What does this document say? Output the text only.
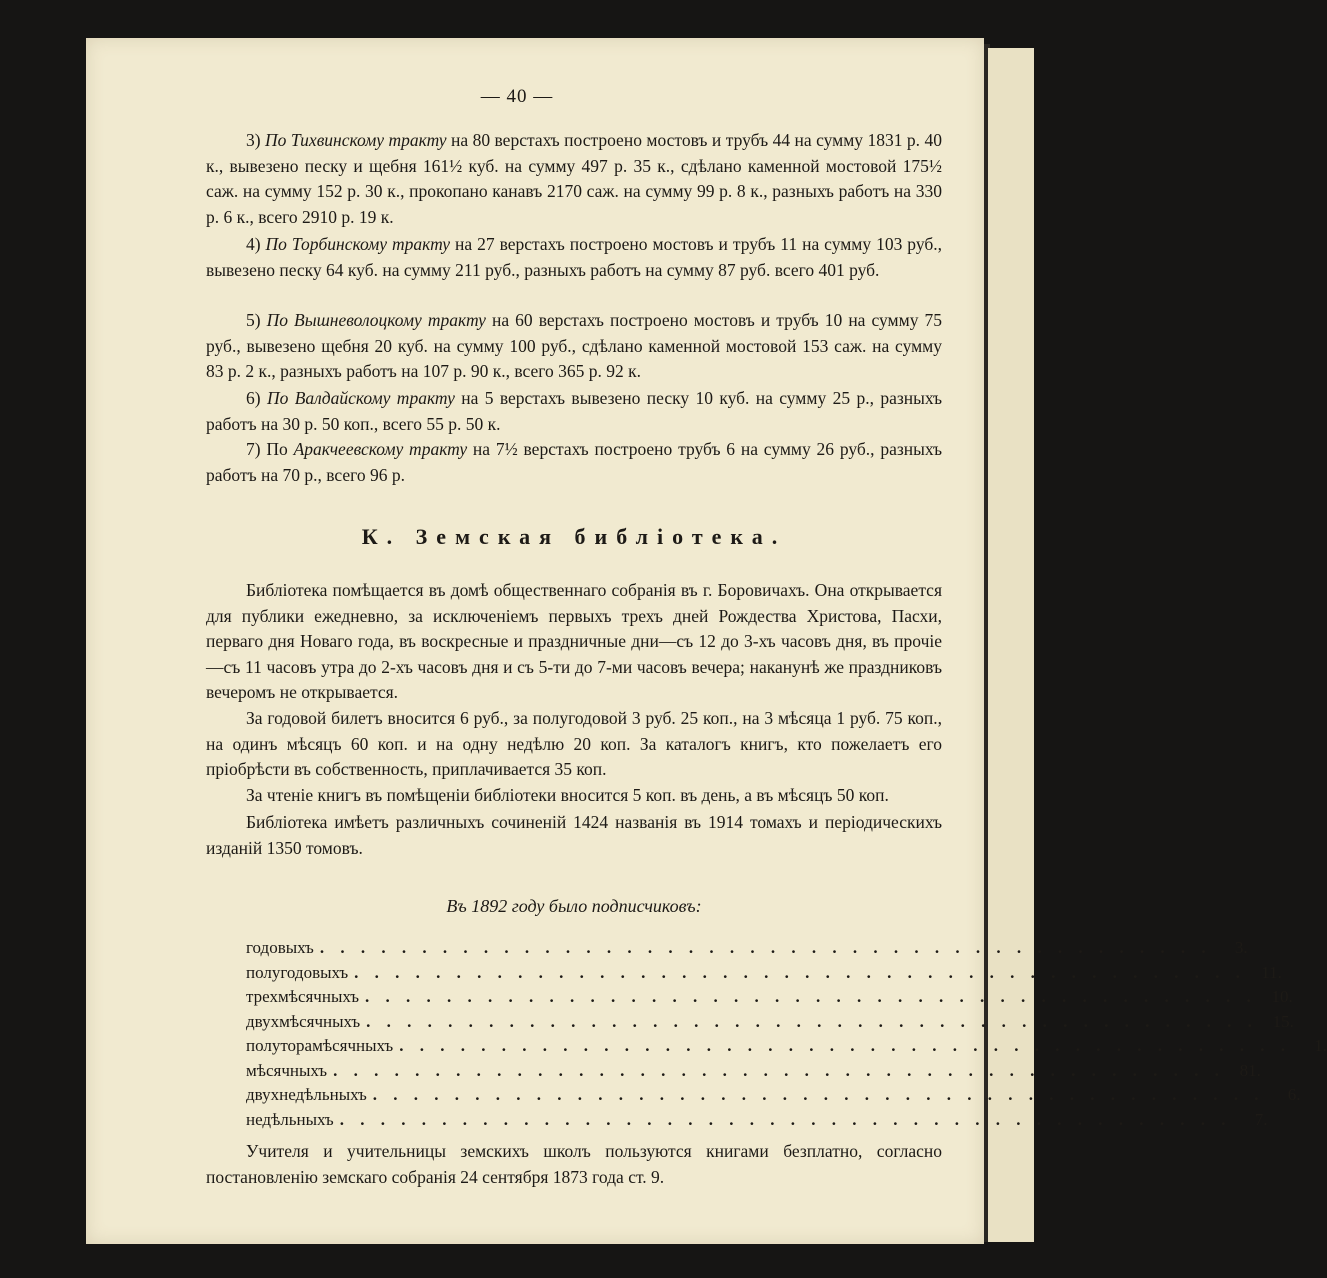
— 40 —
3) По Тихвинскому тракту на 80 верстахъ построено мостовъ и трубъ 44 на сумму 1831 р. 40 к., вывезено песку и щебня 161½ куб. на сумму 497 р. 35 к., сдѣлано каменной мостовой 175½ саж. на сумму 152 р. 30 к., прокопано канавъ 2170 саж. на сумму 99 р. 8 к., разныхъ работъ на 330 р. 6 к., всего 2910 р. 19 к.
4) По Торбинскому тракту на 27 верстахъ построено мостовъ и трубъ 11 на сумму 103 руб., вывезено песку 64 куб. на сумму 211 руб., разныхъ работъ на сумму 87 руб. всего 401 руб.
5) По Вышневолоцкому тракту на 60 верстахъ построено мостовъ и трубъ 10 на сумму 75 руб., вывезено щебня 20 куб. на сумму 100 руб., сдѣлано каменной мостовой 153 саж. на сумму 83 р. 2 к., разныхъ работъ на 107 р. 90 к., всего 365 р. 92 к.
6) По Валдайскому тракту на 5 верстахъ вывезено песку 10 куб. на сумму 25 р., разныхъ работъ на 30 р. 50 коп., всего 55 р. 50 к.
7) По Аракчеевскому тракту на 7½ верстахъ построено трубъ 6 на сумму 26 руб., разныхъ работъ на 70 р., всего 96 р.
К. Земская библіотека.
Библіотека помѣщается въ домѣ общественнаго собранія въ г. Боровичахъ. Она открывается для публики ежедневно, за исключеніемъ первыхъ трехъ дней Рождества Христова, Пасхи, перваго дня Новаго года, въ воскресные и праздничные дни—съ 12 до 3-хъ часовъ дня, въ прочіе—съ 11 часовъ утра до 2-хъ часовъ дня и съ 5-ти до 7-ми часовъ вечера; наканунѣ же праздниковъ вечеромъ не открывается.
За годовой билетъ вносится 6 руб., за полугодовой 3 руб. 25 коп., на 3 мѣсяца 1 руб. 75 коп., на одинъ мѣсяцъ 60 коп. и на одну недѣлю 20 коп. За каталогъ книгъ, кто пожелаетъ его пріобрѣсти въ собственность, приплачивается 35 коп.
За чтеніе книгъ въ помѣщеніи библіотеки вносится 5 коп. въ день, а въ мѣсяцъ 50 коп.
Библіотека имѣетъ различныхъ сочиненій 1424 названія въ 1914 томахъ и періодическихъ изданій 1350 томовъ.
Въ 1892 году было подписчиковъ:
годовыхъ . . . . . . . . . . . . . . . . . . . . . . . . . . . . . . . . . . . . . . . . . . . .	3.
полугодовыхъ . . . . . . . . . . . . . . . . . . . . . . . . . . . . . . . . . . . . . . . . . . . . 11.
трехмѣсячныхъ . . . . . . . . . . . . . . . . . . . . . . . . . . . . . . . . . . . . . . . . . . . . 10.
двухмѣсячныхъ . . . . . . . . . . . . . . . . . . . . . . . . . . . . . . . . . . . . . . . . . . . . 15.
полуторамѣсячныхъ . . . . . . . . . . . . . . . . . . . . . . . . . . . . . . . . . . . . . . . . . . . .	1.
мѣсячныхъ . . . . . . . . . . . . . . . . . . . . . . . . . . . . . . . . . . . . . . . . . . . . 81.
двухнедѣльныхъ . . . . . . . . . . . . . . . . . . . . . . . . . . . . . . . . . . . . . . . . . . . .	6.
недѣльныхъ . . . . . . . . . . . . . . . . . . . . . . . . . . . . . . . . . . . . . . . . . . . .	7.
Учителя и учительницы земскихъ школъ пользуются книгами безплатно, согласно постановленію земскаго собранія 24 сентября 1873 года ст. 9.
